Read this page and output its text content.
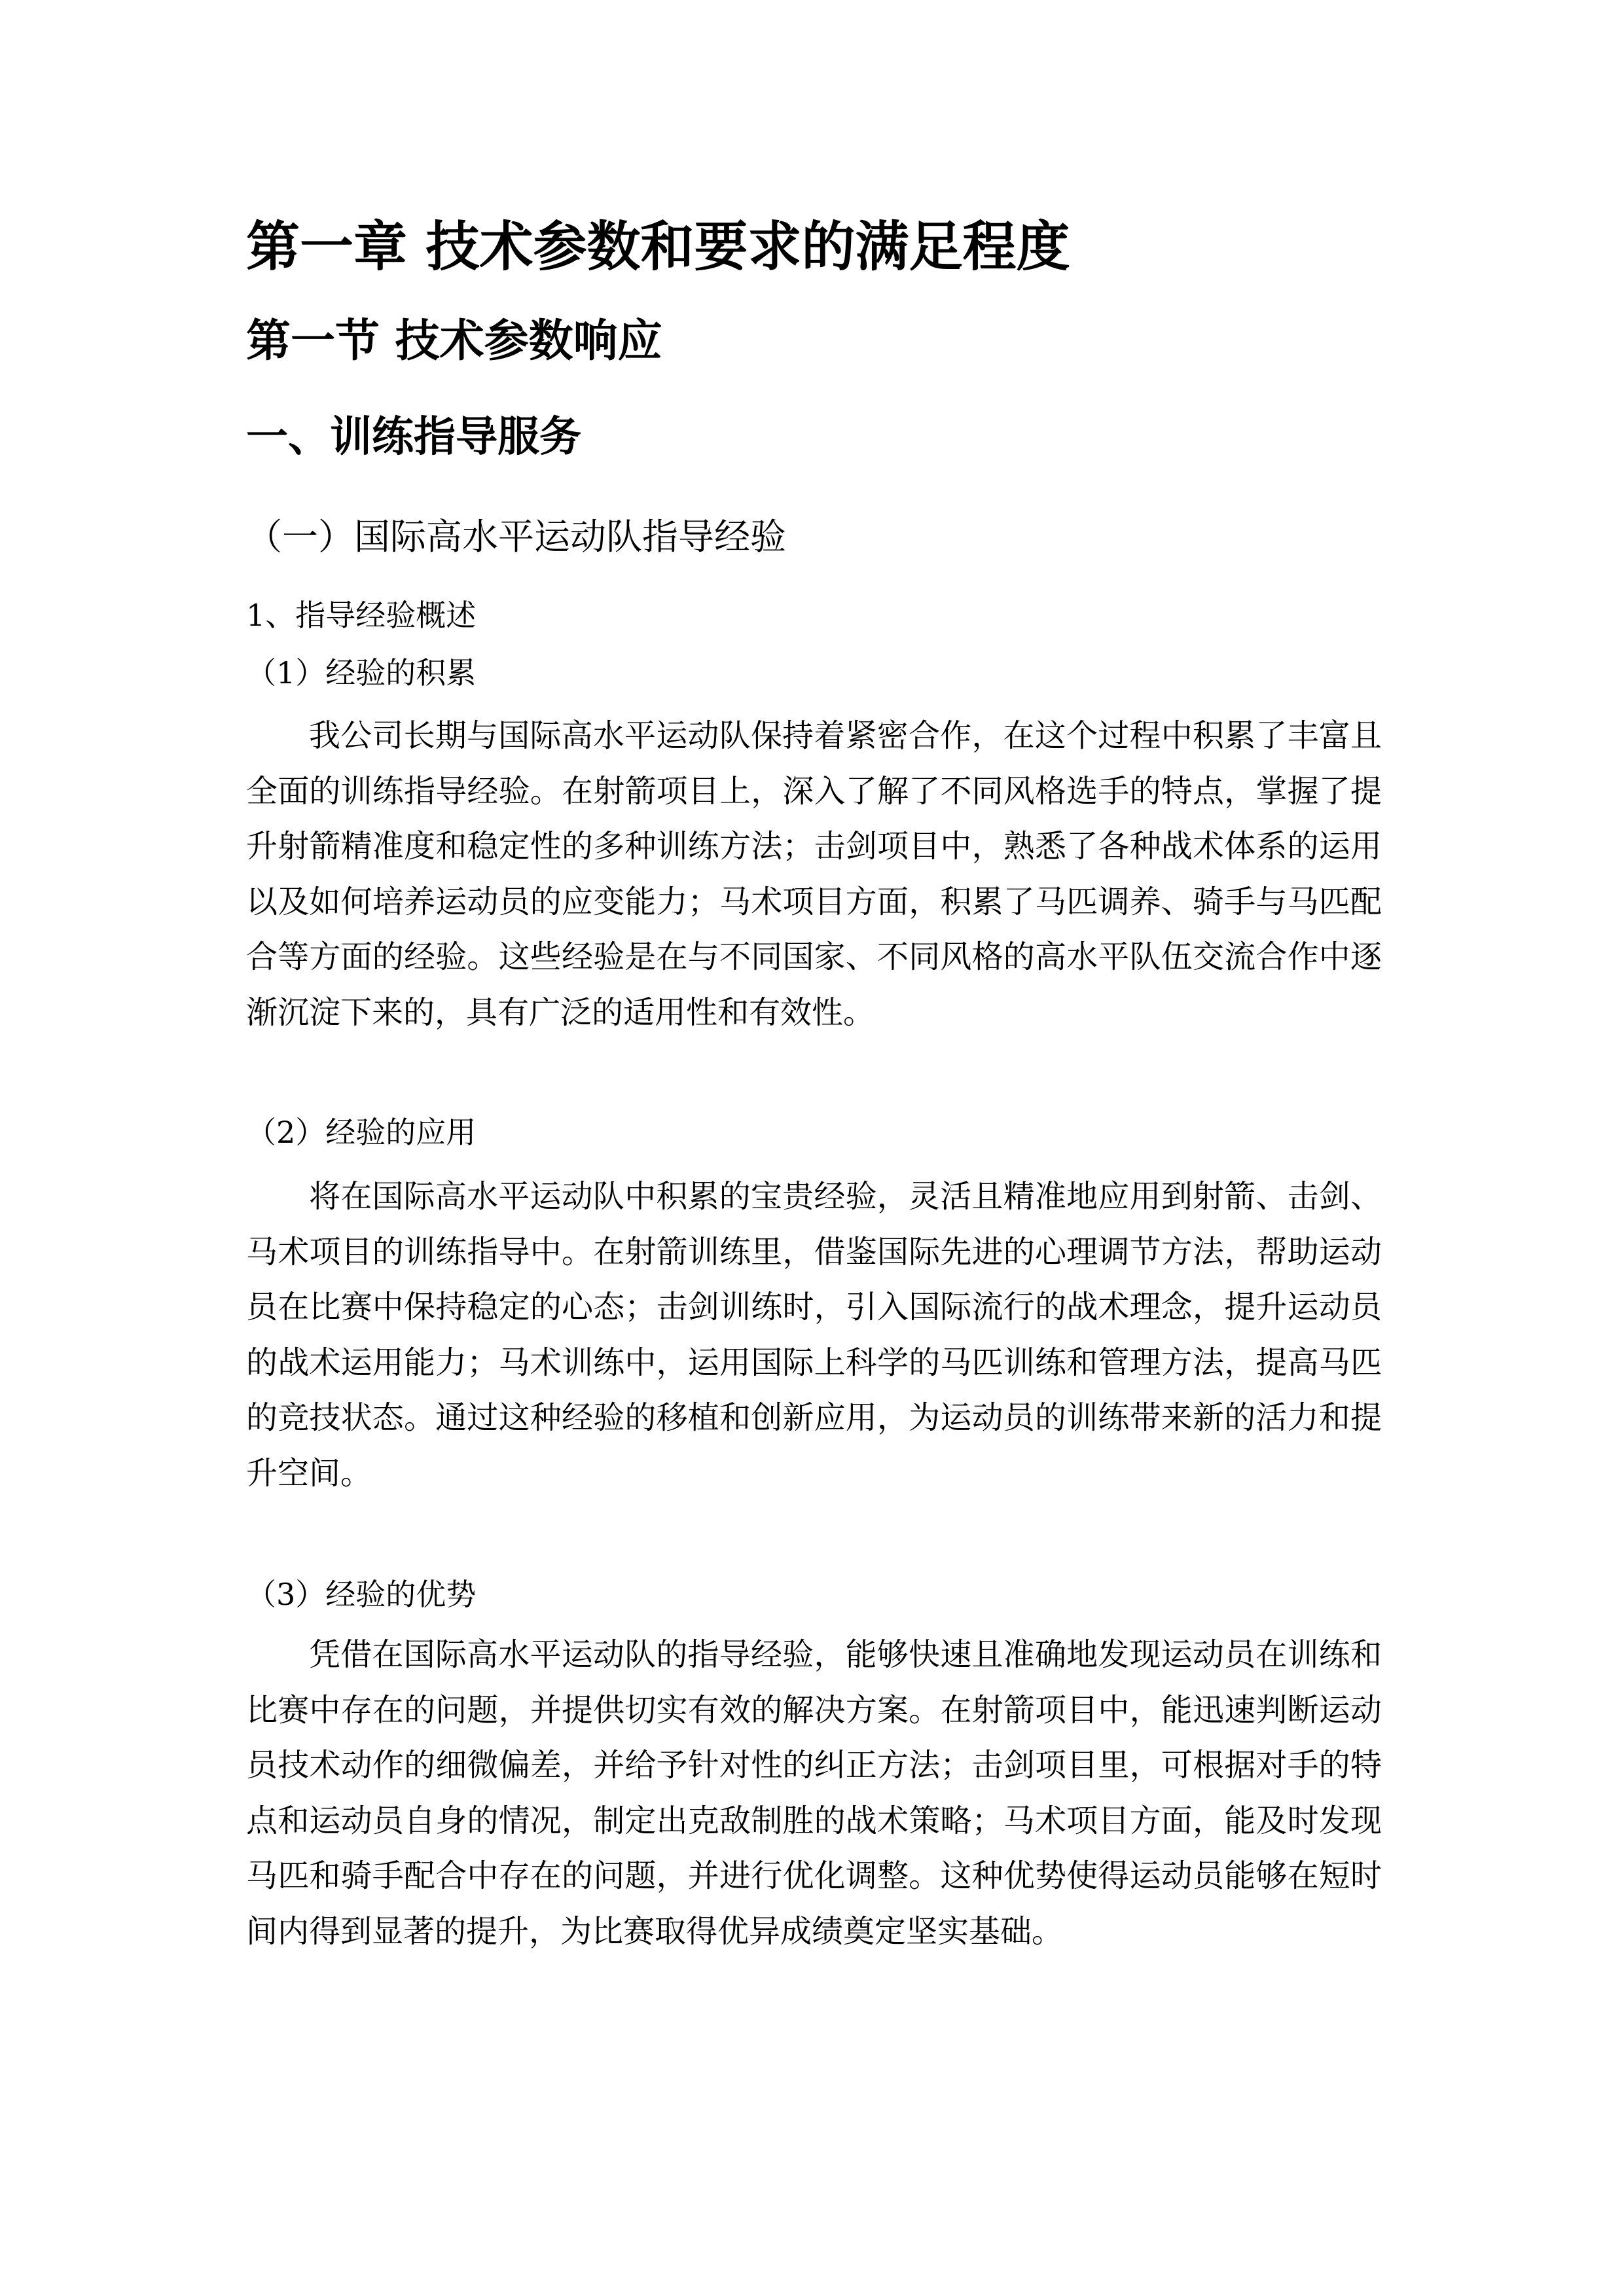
第一章 技术参数和要求的满足程度
第一节 技术参数响应
一、训练指导服务
（一）国际高水平运动队指导经验
1、指导经验概述
（1）经验的积累

我公司长期与国际高水平运动队保持着紧密合作，在这个过程中积累了丰富且全面的训练指导经验。在射箭项目上，深入了解了不同风格选手的特点，掌握了提升射箭精准度和稳定性的多种训练方法；击剑项目中，熟悉了各种战术体系的运用以及如何培养运动员的应变能力；马术项目方面，积累了马匹调养、骑手与马匹配合等方面的经验。这些经验是在与不同国家、不同风格的高水平队伍交流合作中逐渐沉淀下来的，具有广泛的适用性和有效性。

（2）经验的应用

将在国际高水平运动队中积累的宝贵经验，灵活且精准地应用到射箭、击剑、马术项目的训练指导中。在射箭训练里，借鉴国际先进的心理调节方法，帮助运动员在比赛中保持稳定的心态；击剑训练时，引入国际流行的战术理念，提升运动员的战术运用能力；马术训练中，运用国际上科学的马匹训练和管理方法，提高马匹的竞技状态。通过这种经验的移植和创新应用，为运动员的训练带来新的活力和提升空间。

（3）经验的优势

凭借在国际高水平运动队的指导经验，能够快速且准确地发现运动员在训练和比赛中存在的问题，并提供切实有效的解决方案。在射箭项目中，能迅速判断运动员技术动作的细微偏差，并给予针对性的纠正方法；击剑项目里，可根据对手的特点和运动员自身的情况，制定出克敌制胜的战术策略；马术项目方面，能及时发现马匹和骑手配合中存在的问题，并进行优化调整。这种优势使得运动员能够在短时间内得到显著的提升，为比赛取得优异成绩奠定坚实基础。
